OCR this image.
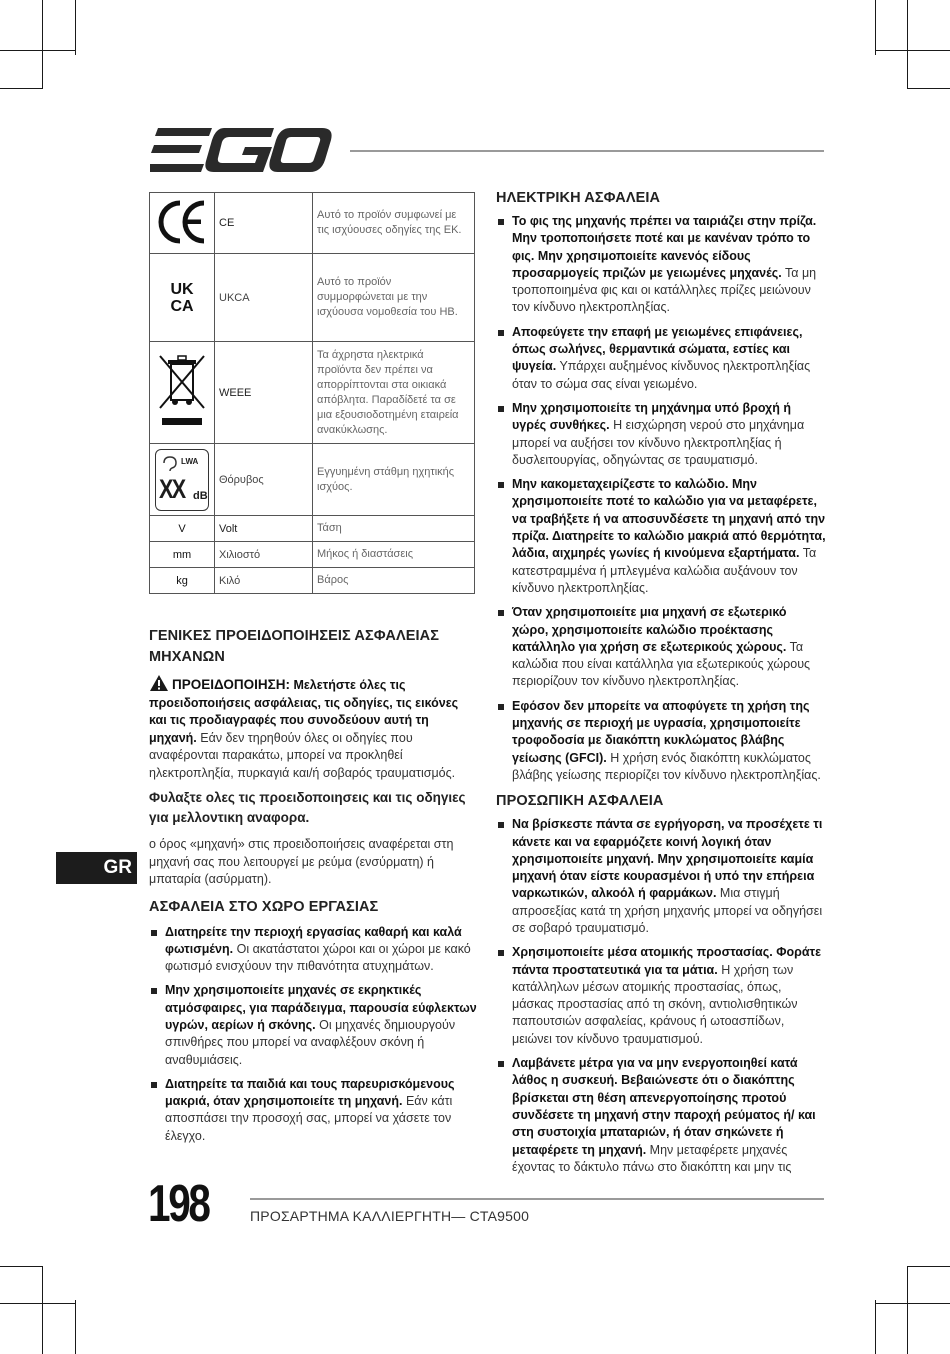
	CE	Αυτό το προϊόν συμφωνεί με τις ισχύουσες οδηγίες της ΕΚ.

UK
CA	UKCA	Αυτό το προϊόν συμμορφώνεται με την ισχύουσα νομοθεσία του ΗΒ.
	WEEE	Τα άχρηστα ηλεκτρικά προϊόντα δεν πρέπει να απορρίπτονται στα οικιακά απόβλητα. Παραδίδετέ τα σε μια εξουσιοδοτημένη εταιρεία ανακύκλωσης.

LWA
XX dB	Θόρυβος	Εγγυημένη στάθμη ηχητικής ισχύος.
V	Volt	Τάση
mm	Χιλιοστό	Μήκος ή διαστάσεις
kg	Κιλό	Βάρος
ΓΕΝΙΚΕΣ ΠΡΟΕΙΔΟΠΟΙΗΣΕΙΣ ΑΣΦΑΛΕΙΑΣ ΜΗΧΑΝΩΝ
ΠΡΟΕΙΔΟΠΟΙΗΣΗ: Μελετήστε όλες τις προειδοποιήσεις ασφάλειας, τις οδηγίες, τις εικόνες και τις προδιαγραφές που συνοδεύουν αυτή τη μηχανή. Εάν δεν τηρηθούν όλες οι οδηγίες που αναφέρονται παρακάτω, μπορεί να προκληθεί ηλεκτροπληξία, πυρκαγιά και/ή σοβαρός τραυματισμός.
Φυλαξτε ολες τις προειδοποιησεις και τις οδηγιες για μελλοντικη αναφορα.
ο όρος «μηχανή» στις προειδοποιήσεις αναφέρεται στη μηχανή σας που λειτουργεί με ρεύμα (ενσύρματη) ή μπαταρία (ασύρματη).
ΑΣΦΑΛΕΙΑ ΣΤΟ ΧΩΡΟ ΕΡΓΑΣΙΑΣ
Διατηρείτε την περιοχή εργασίας καθαρή και καλά φωτισμένη. Οι ακατάστατοι χώροι και οι χώροι με κακό φωτισμό ενισχύουν την πιθανότητα ατυχημάτων.
Μην χρησιμοποιείτε μηχανές σε εκρηκτικές ατμόσφαιρες, για παράδειγμα, παρουσία εύφλεκτων υγρών, αερίων ή σκόνης. Οι μηχανές δημιουργούν σπινθήρες που μπορεί να αναφλέξουν σκόνη ή αναθυμιάσεις.
Διατηρείτε τα παιδιά και τους παρευρισκόμενους μακριά, όταν χρησιμοποιείτε τη μηχανή. Εάν κάτι αποσπάσει την προσοχή σας, μπορεί να χάσετε τον έλεγχο.
ΗΛΕΚΤΡΙΚΗ ΑΣΦΑΛΕΙΑ
Το φις της μηχανής πρέπει να ταιριάζει στην πρίζα. Μην τροποποιήσετε ποτέ και με κανέναν τρόπο το φις. Μην χρησιμοποιείτε κανενός είδους προσαρμογείς πριζών με γειωμένες μηχανές. Τα μη τροποποιημένα φις και οι κατάλληλες πρίζες μειώνουν τον κίνδυνο ηλεκτροπληξίας.
Αποφεύγετε την επαφή με γειωμένες επιφάνειες, όπως σωλήνες, θερμαντικά σώματα, εστίες και ψυγεία. Υπάρχει αυξημένος κίνδυνος ηλεκτροπληξίας όταν το σώμα σας είναι γειωμένο.
Μην χρησιμοποιείτε τη μηχάνημα υπό βροχή ή υγρές συνθήκες. Η εισχώρηση νερού στο μηχάνημα μπορεί να αυξήσει τον κίνδυνο ηλεκτροπληξίας ή δυσλειτουργίας, οδηγώντας σε τραυματισμό.
Μην κακομεταχειρίζεστε το καλώδιο. Μην χρησιμοποιείτε ποτέ το καλώδιο για να μεταφέρετε, να τραβήξετε ή να αποσυνδέσετε τη μηχανή από την πρίζα. Διατηρείτε το καλώδιο μακριά από θερμότητα, λάδια, αιχμηρές γωνίες ή κινούμενα εξαρτήματα. Τα κατεστραμμένα ή μπλεγμένα καλώδια αυξάνουν τον κίνδυνο ηλεκτροπληξίας.
Όταν χρησιμοποιείτε μια μηχανή σε εξωτερικό χώρο, χρησιμοποιείτε καλώδιο προέκτασης κατάλληλο για χρήση σε εξωτερικούς χώρους. Τα καλώδια που είναι κατάλληλα για εξωτερικούς χώρους περιορίζουν τον κίνδυνο ηλεκτροπληξίας.
Εφόσον δεν μπορείτε να αποφύγετε τη χρήση της μηχανής σε περιοχή με υγρασία, χρησιμοποιείτε τροφοδοσία με διακόπτη κυκλώματος βλάβης γείωσης (GFCI). Η χρήση ενός διακόπτη κυκλώματος βλάβης γείωσης περιορίζει τον κίνδυνο ηλεκτροπληξίας.
ΠΡΟΣΩΠΙΚΗ ΑΣΦΑΛΕΙΑ
Να βρίσκεστε πάντα σε εγρήγορση, να προσέχετε τι κάνετε και να εφαρμόζετε κοινή λογική όταν χρησιμοποιείτε μηχανή. Μην χρησιμοποιείτε καμία μηχανή όταν είστε κουρασμένοι ή υπό την επήρεια ναρκωτικών, αλκοόλ ή φαρμάκων. Μια στιγμή απροσεξίας κατά τη χρήση μηχανής μπορεί να οδηγήσει σε σοβαρό τραυματισμό.
Χρησιμοποιείτε μέσα ατομικής προστασίας. Φοράτε πάντα προστατευτικά για τα μάτια. Η χρήση των κατάλληλων μέσων ατομικής προστασίας, όπως, μάσκας προστασίας από τη σκόνη, αντιολισθητικών παπουτσιών ασφαλείας, κράνους ή ωτοασπίδων, μειώνει τον κίνδυνο τραυματισμού.
Λαμβάνετε μέτρα για να μην ενεργοποιηθεί κατά λάθος η συσκευή. Βεβαιώνεστε ότι ο διακόπτης βρίσκεται στη θέση απενεργοποίησης προτού συνδέσετε τη μηχανή στην παροχή ρεύματος ή/ και στη συστοιχία μπαταριών, ή όταν σηκώνετε ή μεταφέρετε τη μηχανή. Μην μεταφέρετε μηχανές έχοντας το δάκτυλο πάνω στο διακόπτη και μην τις
GR
198	ΠΡΟΣΑΡΤΗΜΑ ΚΑΛΛΙΕΡΓΗΤΗ— CTA9500
